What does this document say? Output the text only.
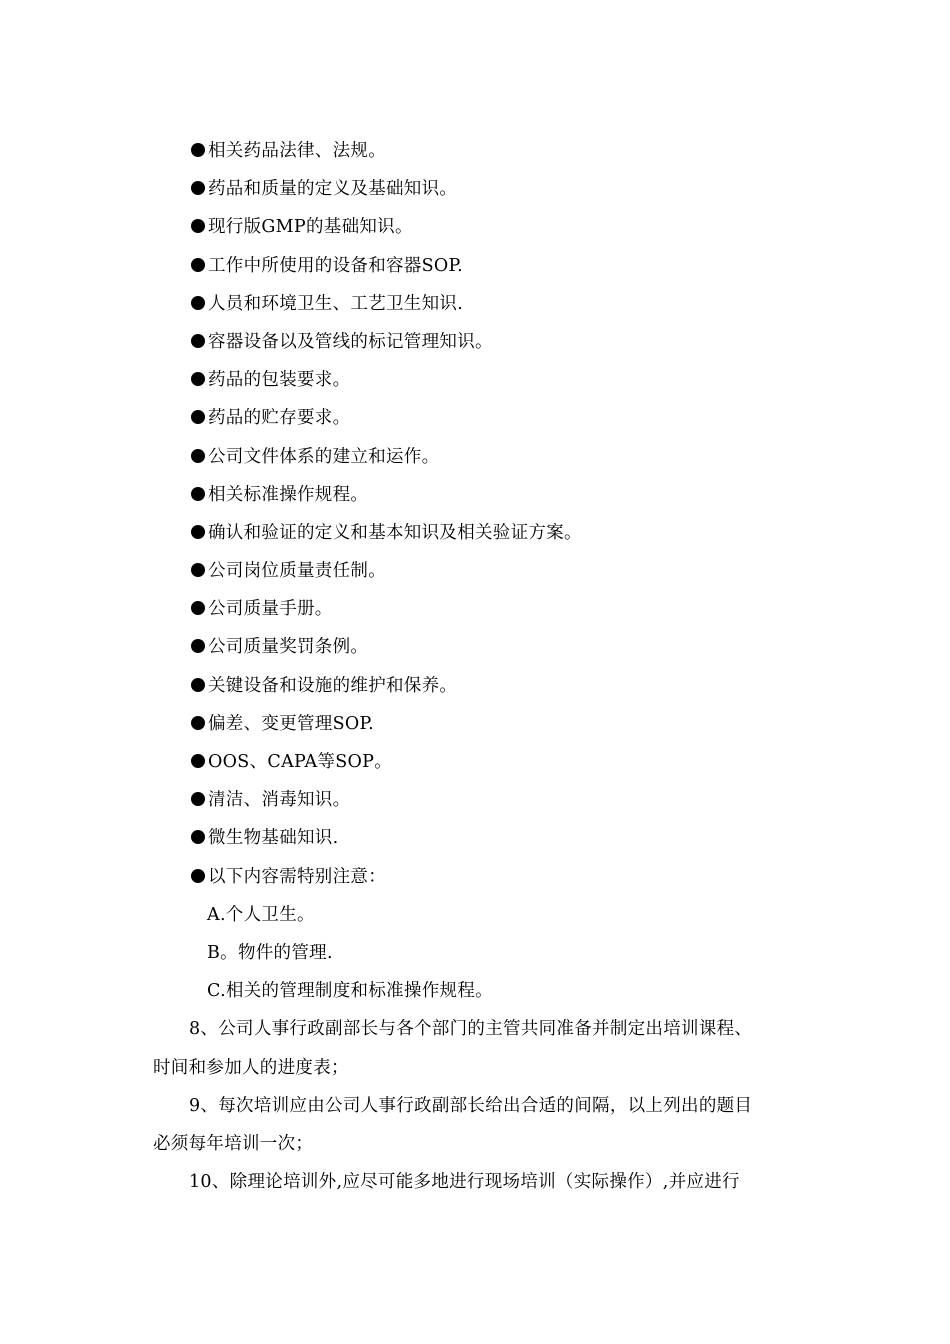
相关药品法律、法规。
药品和质量的定义及基础知识。
现行版GMP的基础知识。
工作中所使用的设备和容器SOP.
人员和环境卫生、工艺卫生知识.
容器设备以及管线的标记管理知识。
药品的包装要求。
药品的贮存要求。
公司文件体系的建立和运作。
相关标准操作规程。
确认和验证的定义和基本知识及相关验证方案。
公司岗位质量责任制。
公司质量手册。
公司质量奖罚条例。
关键设备和设施的维护和保养。
偏差、变更管理SOP.
OOS、CAPA等SOP。
清洁、消毒知识。
微生物基础知识.
以下内容需特别注意：
A.个人卫生。
B。物件的管理.
C.相关的管理制度和标准操作规程。
8、公司人事行政副部长与各个部门的主管共同准备并制定出培训课程、
时间和参加人的进度表；
9、每次培训应由公司人事行政副部长给出合适的间隔，以上列出的题目
必须每年培训一次；
10、除理论培训外,应尽可能多地进行现场培训（实际操作）,并应进行
